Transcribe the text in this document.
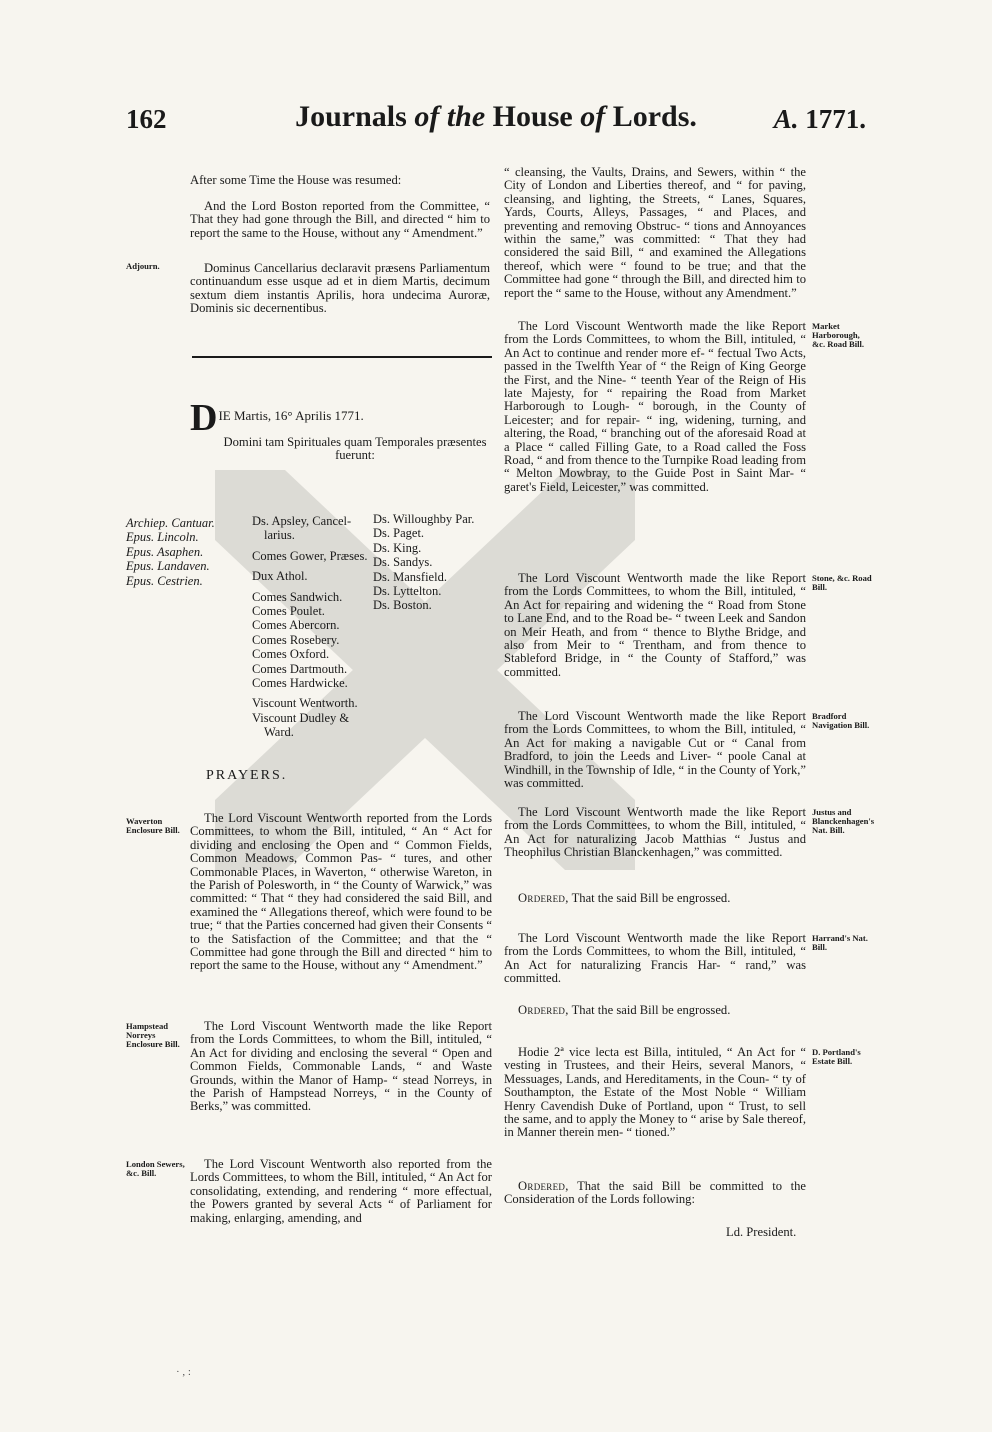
162	Journals of the House of Lords.	A. 1771.
After some Time the House was resumed:
And the Lord Boston reported from the Committee, “ That they had gone through the Bill, and directed “ him to report the same to the House, without any “ Amendment.”
Adjourn.	Dominus Cancellarius declaravit præsens Parliamentum continuandum esse usque ad et in diem Martis, decimum sextum diem instantis Aprilis, hora undecima Auroræ, Dominis sic decernentibus.
DIE Martis, 16° Aprilis 1771.
Domini tam Spirituales quam Temporales præsentes fuerunt:
Archiep. Cantuar.
Epus. Lincoln.
Epus. Asaphen.
Epus. Landaven.
Epus. Cestrien.
Ds. Apsley, Cancel-
larius.
Comes Gower, Præses.
Dux Athol.
Comes Sandwich.
Comes Poulet.
Comes Abercorn.
Comes Rosebery.
Comes Oxford.
Comes Dartmouth.
Comes Hardwicke.
Viscount Wentworth.
Viscount Dudley &
Ward.
Ds. Willoughby Par.
Ds. Paget.
Ds. King.
Ds. Sandys.
Ds. Mansfield.
Ds. Lyttelton.
Ds. Boston.
PRAYERS.
Waverton Enclosure Bill.
The Lord Viscount Wentworth reported from the Lords Committees, to whom the Bill, intituled, “ An “ Act for dividing and enclosing the Open and “ Common Fields, Common Meadows, Common Pas- “ tures, and other Commonable Places, in Waverton, “ otherwise Wareton, in the Parish of Polesworth, in “ the County of Warwick,” was committed: “ That “ they had considered the said Bill, and examined the “ Allegations thereof, which were found to be true; “ that the Parties concerned had given their Consents “ to the Satisfaction of the Committee; and that the “ Committee had gone through the Bill and directed “ him to report the same to the House, without any “ Amendment.”
Hampstead Norreys Enclosure Bill.
The Lord Viscount Wentworth made the like Report from the Lords Committees, to whom the Bill, intituled, “ An Act for dividing and enclosing the several “ Open and Common Fields, Commonable Lands, “ and Waste Grounds, within the Manor of Hamp- “ stead Norreys, in the Parish of Hampstead Norreys, “ in the County of Berks,” was committed.
London Sewers, &c. Bill.
The Lord Viscount Wentworth also reported from the Lords Committees, to whom the Bill, intituled, “ An Act for consolidating, extending, and rendering “ more effectual, the Powers granted by several Acts “ of Parliament for making, enlarging, amending, and
“ cleansing, the Vaults, Drains, and Sewers, within “ the City of London and Liberties thereof, and “ for paving, cleansing, and lighting, the Streets, “ Lanes, Squares, Yards, Courts, Alleys, Passages, “ and Places, and preventing and removing Obstruc- “ tions and Annoyances within the same,” was committed: “ That they had considered the said Bill, “ and examined the Allegations thereof, which were “ found to be true; and that the Committee had gone “ through the Bill, and directed him to report the “ same to the House, without any Amendment.”
The Lord Viscount Wentworth made the like Report from the Lords Committees, to whom the Bill, intituled, “ An Act to continue and render more ef- “ fectual Two Acts, passed in the Twelfth Year of “ the Reign of King George the First, and the Nine- “ teenth Year of the Reign of His late Majesty, for “ repairing the Road from Market Harborough to Lough- “ borough, in the County of Leicester; and for repair- “ ing, widening, turning, and altering, the Road, “ branching out of the aforesaid Road at a Place “ called Filling Gate, to a Road called the Foss Road, “ and from thence to the Turnpike Road leading from “ Melton Mowbray, to the Guide Post in Saint Mar- “ garet's Field, Leicester,” was committed.
Market Harborough, &c. Road Bill.
The Lord Viscount Wentworth made the like Report from the Lords Committees, to whom the Bill, intituled, “ An Act for repairing and widening the “ Road from Stone to Lane End, and to the Road be- “ tween Leek and Sandon on Meir Heath, and from “ thence to Blythe Bridge, and also from Meir to “ Trentham, and from thence to Stableford Bridge, in “ the County of Stafford,” was committed.
Stone, &c. Road Bill.
The Lord Viscount Wentworth made the like Report from the Lords Committees, to whom the Bill, intituled, “ An Act for making a navigable Cut or “ Canal from Bradford, to join the Leeds and Liver- “ poole Canal at Windhill, in the Township of Idle, “ in the County of York,” was committed.
Bradford Navigation Bill.
The Lord Viscount Wentworth made the like Report from the Lords Committees, to whom the Bill, intituled, “ An Act for naturalizing Jacob Matthias “ Justus and Theophilus Christian Blanckenhagen,” was committed.
Justus and Blanckenhagen's Nat. Bill.
Ordered, That the said Bill be engrossed.
The Lord Viscount Wentworth made the like Report from the Lords Committees, to whom the Bill, intituled, “ An Act for naturalizing Francis Har- “ rand,” was committed.
Harrand's Nat. Bill.
Ordered, That the said Bill be engrossed.
Hodie 2ª vice lecta est Billa, intituled, “ An Act for “ vesting in Trustees, and their Heirs, several Manors, “ Messuages, Lands, and Hereditaments, in the Coun- “ ty of Southampton, the Estate of the Most Noble “ William Henry Cavendish Duke of Portland, upon “ Trust, to sell the same, and to apply the Money to “ arise by Sale thereof, in Manner therein men- “ tioned.”
D. Portland's Estate Bill.
Ordered, That the said Bill be committed to the Consideration of the Lords following:
Ld. President.
· , :
